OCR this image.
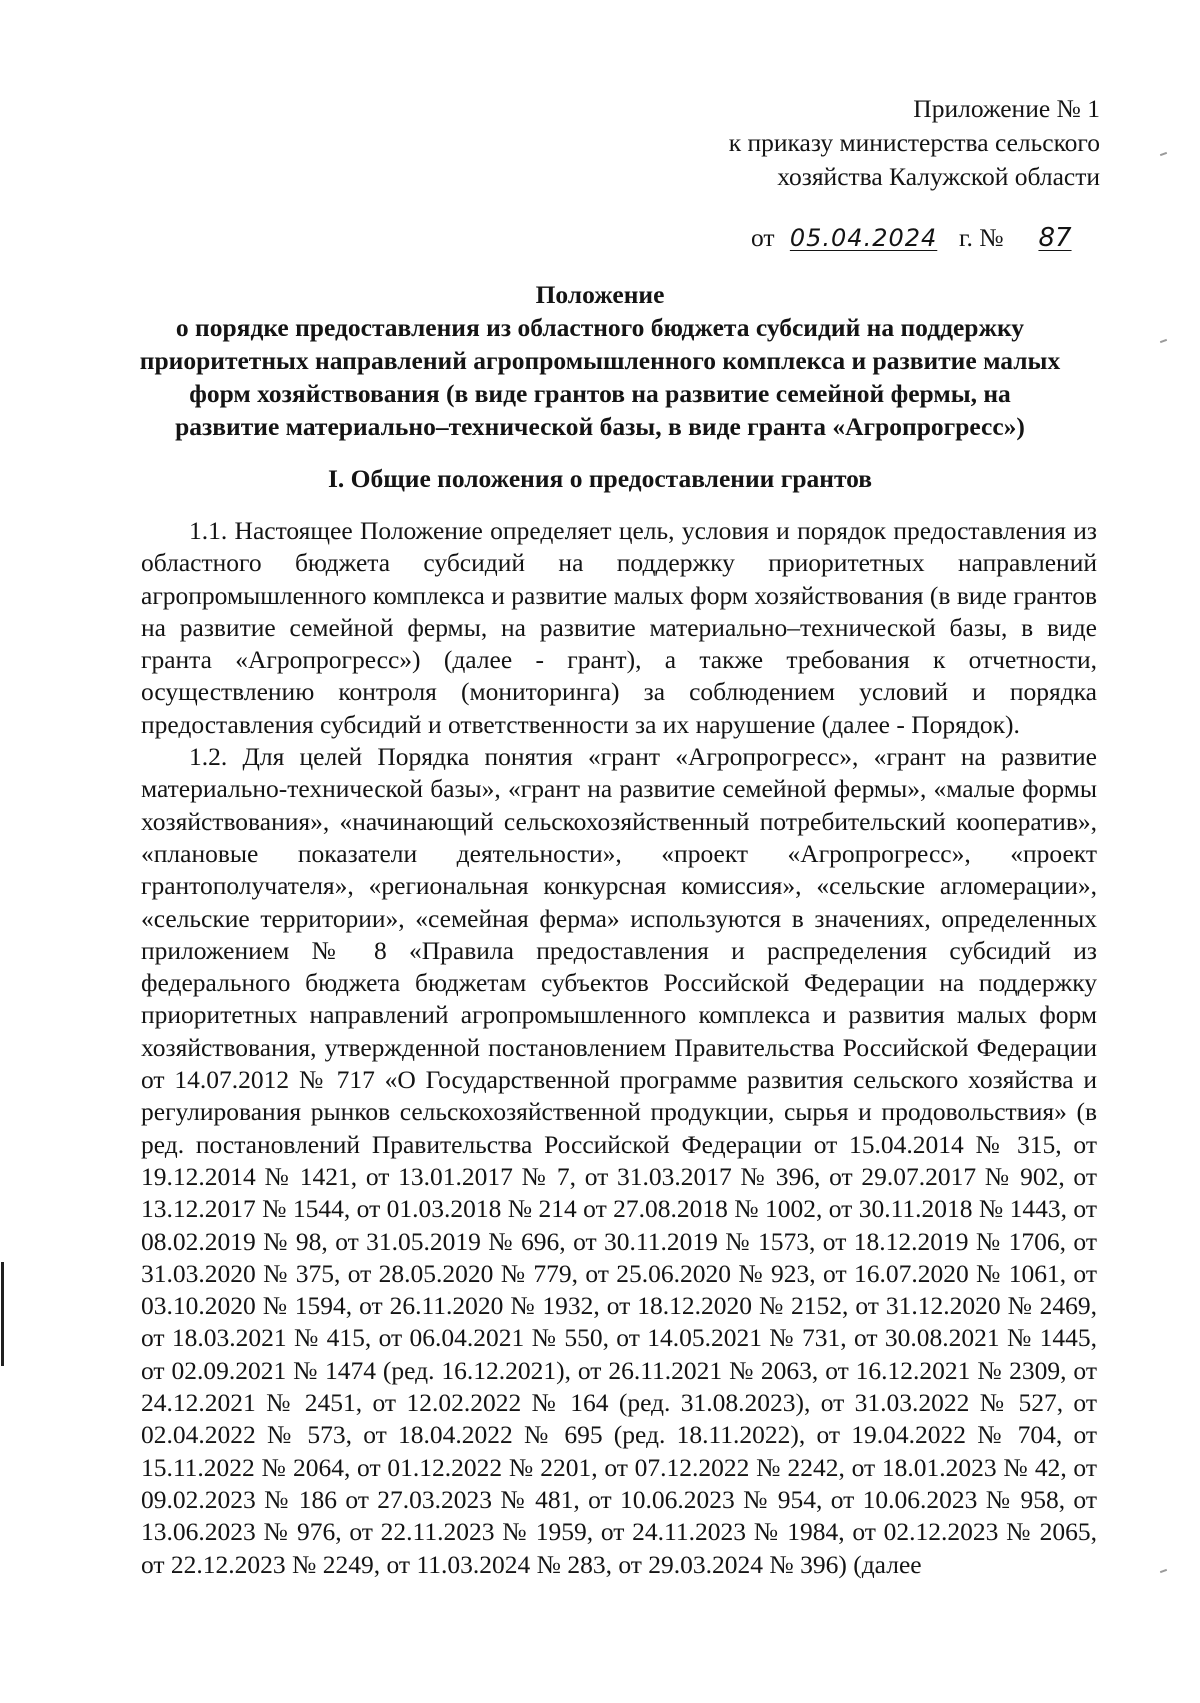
Приложение № 1
к приказу министерства сельского
хозяйства Калужской области
от 05.04.2024 г. № 87
Положение
о порядке предоставления из областного бюджета субсидий на поддержку
приоритетных направлений агропромышленного комплекса и развитие малых
форм хозяйствования (в виде грантов на развитие семейной фермы, на
развитие материально–технической базы, в виде гранта «Агропрогресс»)
I. Общие положения о предоставлении грантов

1.1. Настоящее Положение определяет цель, условия и порядок предоставления из областного бюджета субсидий на поддержку приоритетных направлений агропромышленного комплекса и развитие малых форм хозяйствования (в виде грантов на развитие семейной фермы, на развитие материально–технической базы, в виде гранта «Агропрогресс») (далее - грант), а также требования к отчетности, осуществлению контроля (мониторинга) за соблюдением условий и порядка предоставления субсидий и ответственности за их нарушение (далее - Порядок).

1.2. Для целей Порядка понятия «грант «Агропрогресс», «грант на развитие материально-технической базы», «грант на развитие семейной фермы», «малые формы хозяйствования», «начинающий сельскохозяйственный потребительский кооператив», «плановые показатели деятельности», «проект «Агропрогресс», «проект грантополучателя», «региональная конкурсная комиссия», «сельские агломерации», «сельские территории», «семейная ферма» используются в значениях, определенных приложением № 8 «Правила предоставления и распределения субсидий из федерального бюджета бюджетам субъектов Российской Федерации на поддержку приоритетных направлений агропромышленного комплекса и развития малых форм хозяйствования, утвержденной постановлением Правительства Российской Федерации от 14.07.2012 № 717 «О Государственной программе развития сельского хозяйства и регулирования рынков сельскохозяйственной продукции, сырья и продовольствия» (в ред. постановлений Правительства Российской Федерации от 15.04.2014 № 315, от 19.12.2014 № 1421, от 13.01.2017 № 7, от 31.03.2017 № 396, от 29.07.2017 № 902, от 13.12.2017 № 1544, от 01.03.2018 № 214 от 27.08.2018 № 1002, от 30.11.2018 № 1443, от 08.02.2019 № 98, от 31.05.2019 № 696, от 30.11.2019 № 1573, от 18.12.2019 № 1706, от 31.03.2020 № 375, от 28.05.2020 № 779, от 25.06.2020 № 923, от 16.07.2020 № 1061, от 03.10.2020 № 1594, от 26.11.2020 № 1932, от 18.12.2020 № 2152, от 31.12.2020 № 2469, от 18.03.2021 № 415, от 06.04.2021 № 550, от 14.05.2021 № 731, от 30.08.2021 № 1445, от 02.09.2021 № 1474 (ред. 16.12.2021), от 26.11.2021 № 2063, от 16.12.2021 № 2309, от 24.12.2021 № 2451, от 12.02.2022 № 164 (ред. 31.08.2023), от 31.03.2022 № 527, от 02.04.2022 № 573, от 18.04.2022 № 695 (ред. 18.11.2022), от 19.04.2022 № 704, от 15.11.2022 № 2064, от 01.12.2022 № 2201, от 07.12.2022 № 2242, от 18.01.2023 № 42, от 09.02.2023 № 186 от 27.03.2023 № 481, от 10.06.2023 № 954, от 10.06.2023 № 958, от 13.06.2023 № 976, от 22.11.2023 № 1959, от 24.11.2023 № 1984, от 02.12.2023 № 2065, от 22.12.2023 № 2249, от 11.03.2024 № 283, от 29.03.2024 № 396) (далее
